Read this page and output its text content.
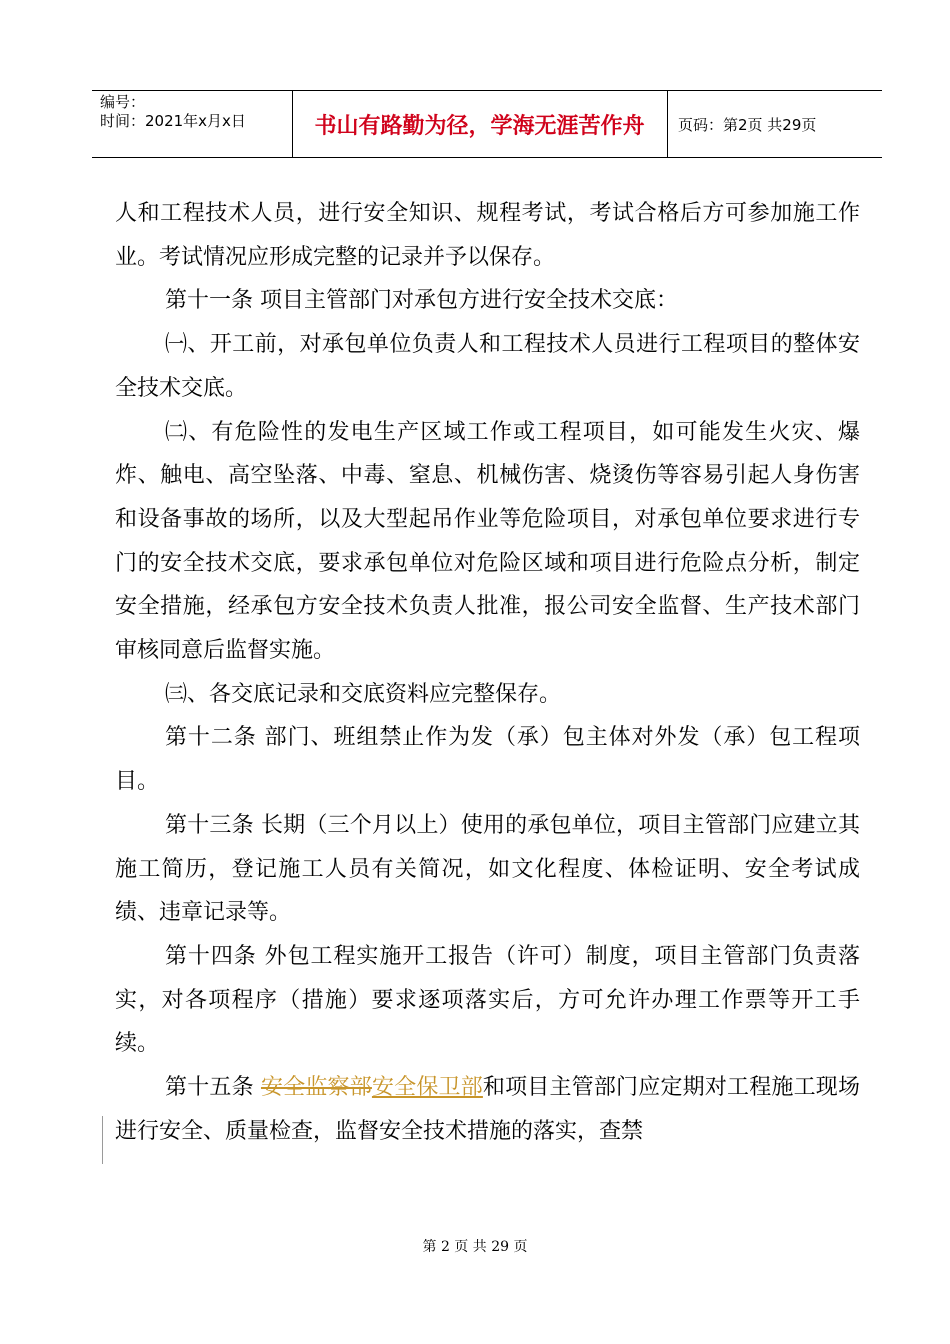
编号：
时间：2021年x月x日	书山有路勤为径，学海无涯苦作舟	页码：第2页 共29页

人和工程技术人员，进行安全知识、规程考试，考试合格后方可参加施工作业。考试情况应形成完整的记录并予以保存。

第十一条 项目主管部门对承包方进行安全技术交底：

㈠、开工前，对承包单位负责人和工程技术人员进行工程项目的整体安全技术交底。

㈡、有危险性的发电生产区域工作或工程项目，如可能发生火灾、爆炸、触电、高空坠落、中毒、窒息、机械伤害、烧烫伤等容易引起人身伤害和设备事故的场所，以及大型起吊作业等危险项目，对承包单位要求进行专门的安全技术交底，要求承包单位对危险区域和项目进行危险点分析，制定安全措施，经承包方安全技术负责人批准，报公司安全监督、生产技术部门审核同意后监督实施。

㈢、各交底记录和交底资料应完整保存。

第十二条 部门、班组禁止作为发（承）包主体对外发（承）包工程项目。

第十三条 长期（三个月以上）使用的承包单位，项目主管部门应建立其施工简历，登记施工人员有关简况，如文化程度、体检证明、安全考试成绩、违章记录等。

第十四条 外包工程实施开工报告（许可）制度，项目主管部门负责落实，对各项程序（措施）要求逐项落实后，方可允许办理工作票等开工手续。

第十五条 安全监察部安全保卫部和项目主管部门应定期对工程施工现场进行安全、质量检查，监督安全技术措施的落实，查禁

第 2 页 共 29 页
